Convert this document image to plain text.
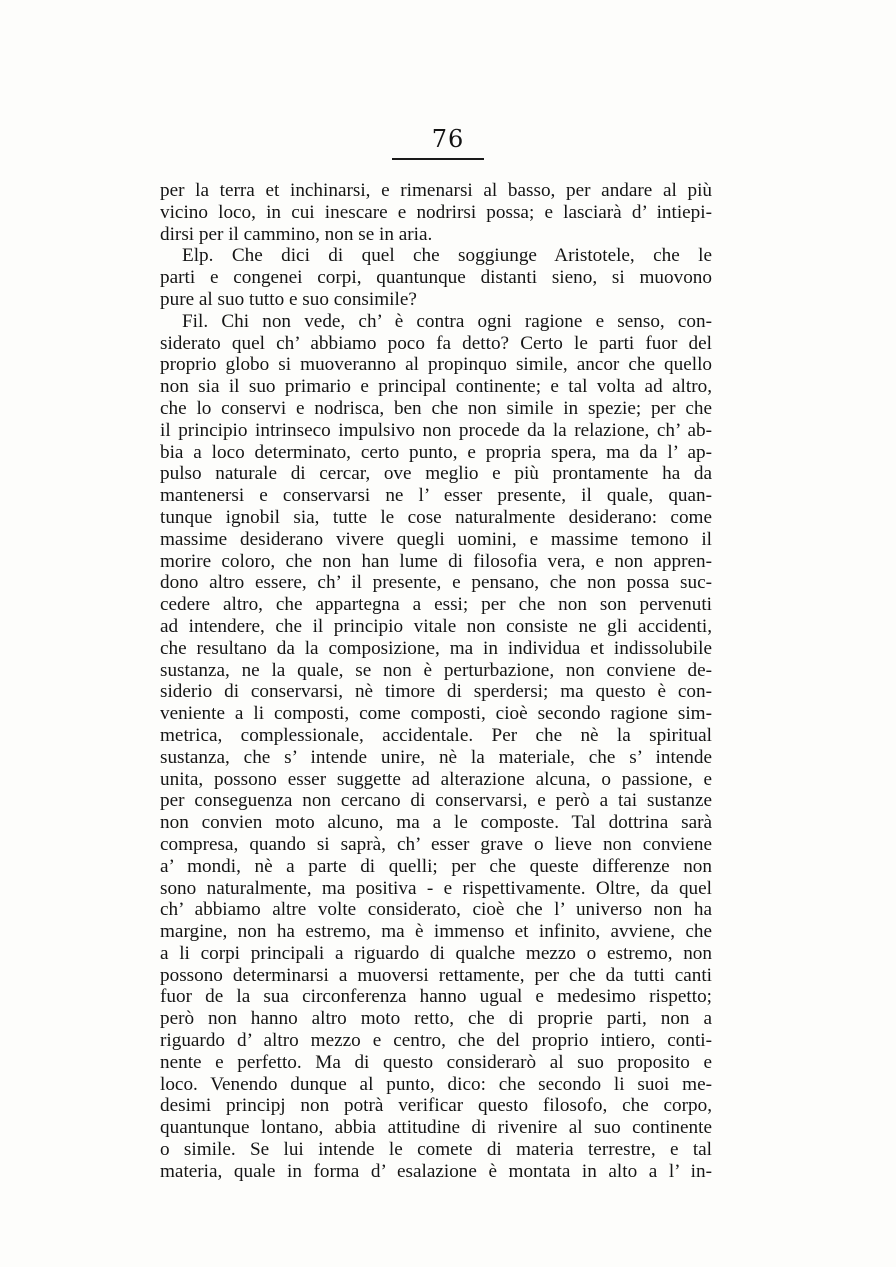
76
per la terra et inchinarsi, e rimenarsi al basso, per andare al più
vicino loco, in cui inescare e nodrirsi possa; e lasciarà d’ intiepi-
dirsi per il cammino, non se in aria.
Elp. Che dici di quel che soggiunge Aristotele, che le
parti e congenei corpi, quantunque distanti sieno, si muovono
pure al suo tutto e suo consimile?
Fil. Chi non vede, ch’ è contra ogni ragione e senso, con-
siderato quel ch’ abbiamo poco fa detto? Certo le parti fuor del
proprio globo si muoveranno al propinquo simile, ancor che quello
non sia il suo primario e principal continente; e tal volta ad altro,
che lo conservi e nodrisca, ben che non simile in spezie; per che
il principio intrinseco impulsivo non procede da la relazione, ch’ ab-
bia a loco determinato, certo punto, e propria spera, ma da l’ ap-
pulso naturale di cercar, ove meglio e più prontamente ha da
mantenersi e conservarsi ne l’ esser presente, il quale, quan-
tunque ignobil sia, tutte le cose naturalmente desiderano: come
massime desiderano vivere quegli uomini, e massime temono il
morire coloro, che non han lume di filosofia vera, e non appren-
dono altro essere, ch’ il presente, e pensano, che non possa suc-
cedere altro, che appartegna a essi; per che non son pervenuti
ad intendere, che il principio vitale non consiste ne gli accidenti,
che resultano da la composizione, ma in individua et indissolubile
sustanza, ne la quale, se non è perturbazione, non conviene de-
siderio di conservarsi, nè timore di sperdersi; ma questo è con-
veniente a li composti, come composti, cioè secondo ragione sim-
metrica, complessionale, accidentale. Per che nè la spiritual
sustanza, che s’ intende unire, nè la materiale, che s’ intende
unita, possono esser suggette ad alterazione alcuna, o passione, e
per conseguenza non cercano di conservarsi, e però a tai sustanze
non convien moto alcuno, ma a le composte. Tal dottrina sarà
compresa, quando si saprà, ch’ esser grave o lieve non conviene
a’ mondi, nè a parte di quelli; per che queste differenze non
sono naturalmente, ma positiva - e rispettivamente. Oltre, da quel
ch’ abbiamo altre volte considerato, cioè che l’ universo non ha
margine, non ha estremo, ma è immenso et infinito, avviene, che
a li corpi principali a riguardo di qualche mezzo o estremo, non
possono determinarsi a muoversi rettamente, per che da tutti canti
fuor de la sua circonferenza hanno ugual e medesimo rispetto;
però non hanno altro moto retto, che di proprie parti, non a
riguardo d’ altro mezzo e centro, che del proprio intiero, conti-
nente e perfetto. Ma di questo considerarò al suo proposito e
loco. Venendo dunque al punto, dico: che secondo li suoi me-
desimi principj non potrà verificar questo filosofo, che corpo,
quantunque lontano, abbia attitudine di rivenire al suo continente
o simile. Se lui intende le comete di materia terrestre, e tal
materia, quale in forma d’ esalazione è montata in alto a l’ in-
